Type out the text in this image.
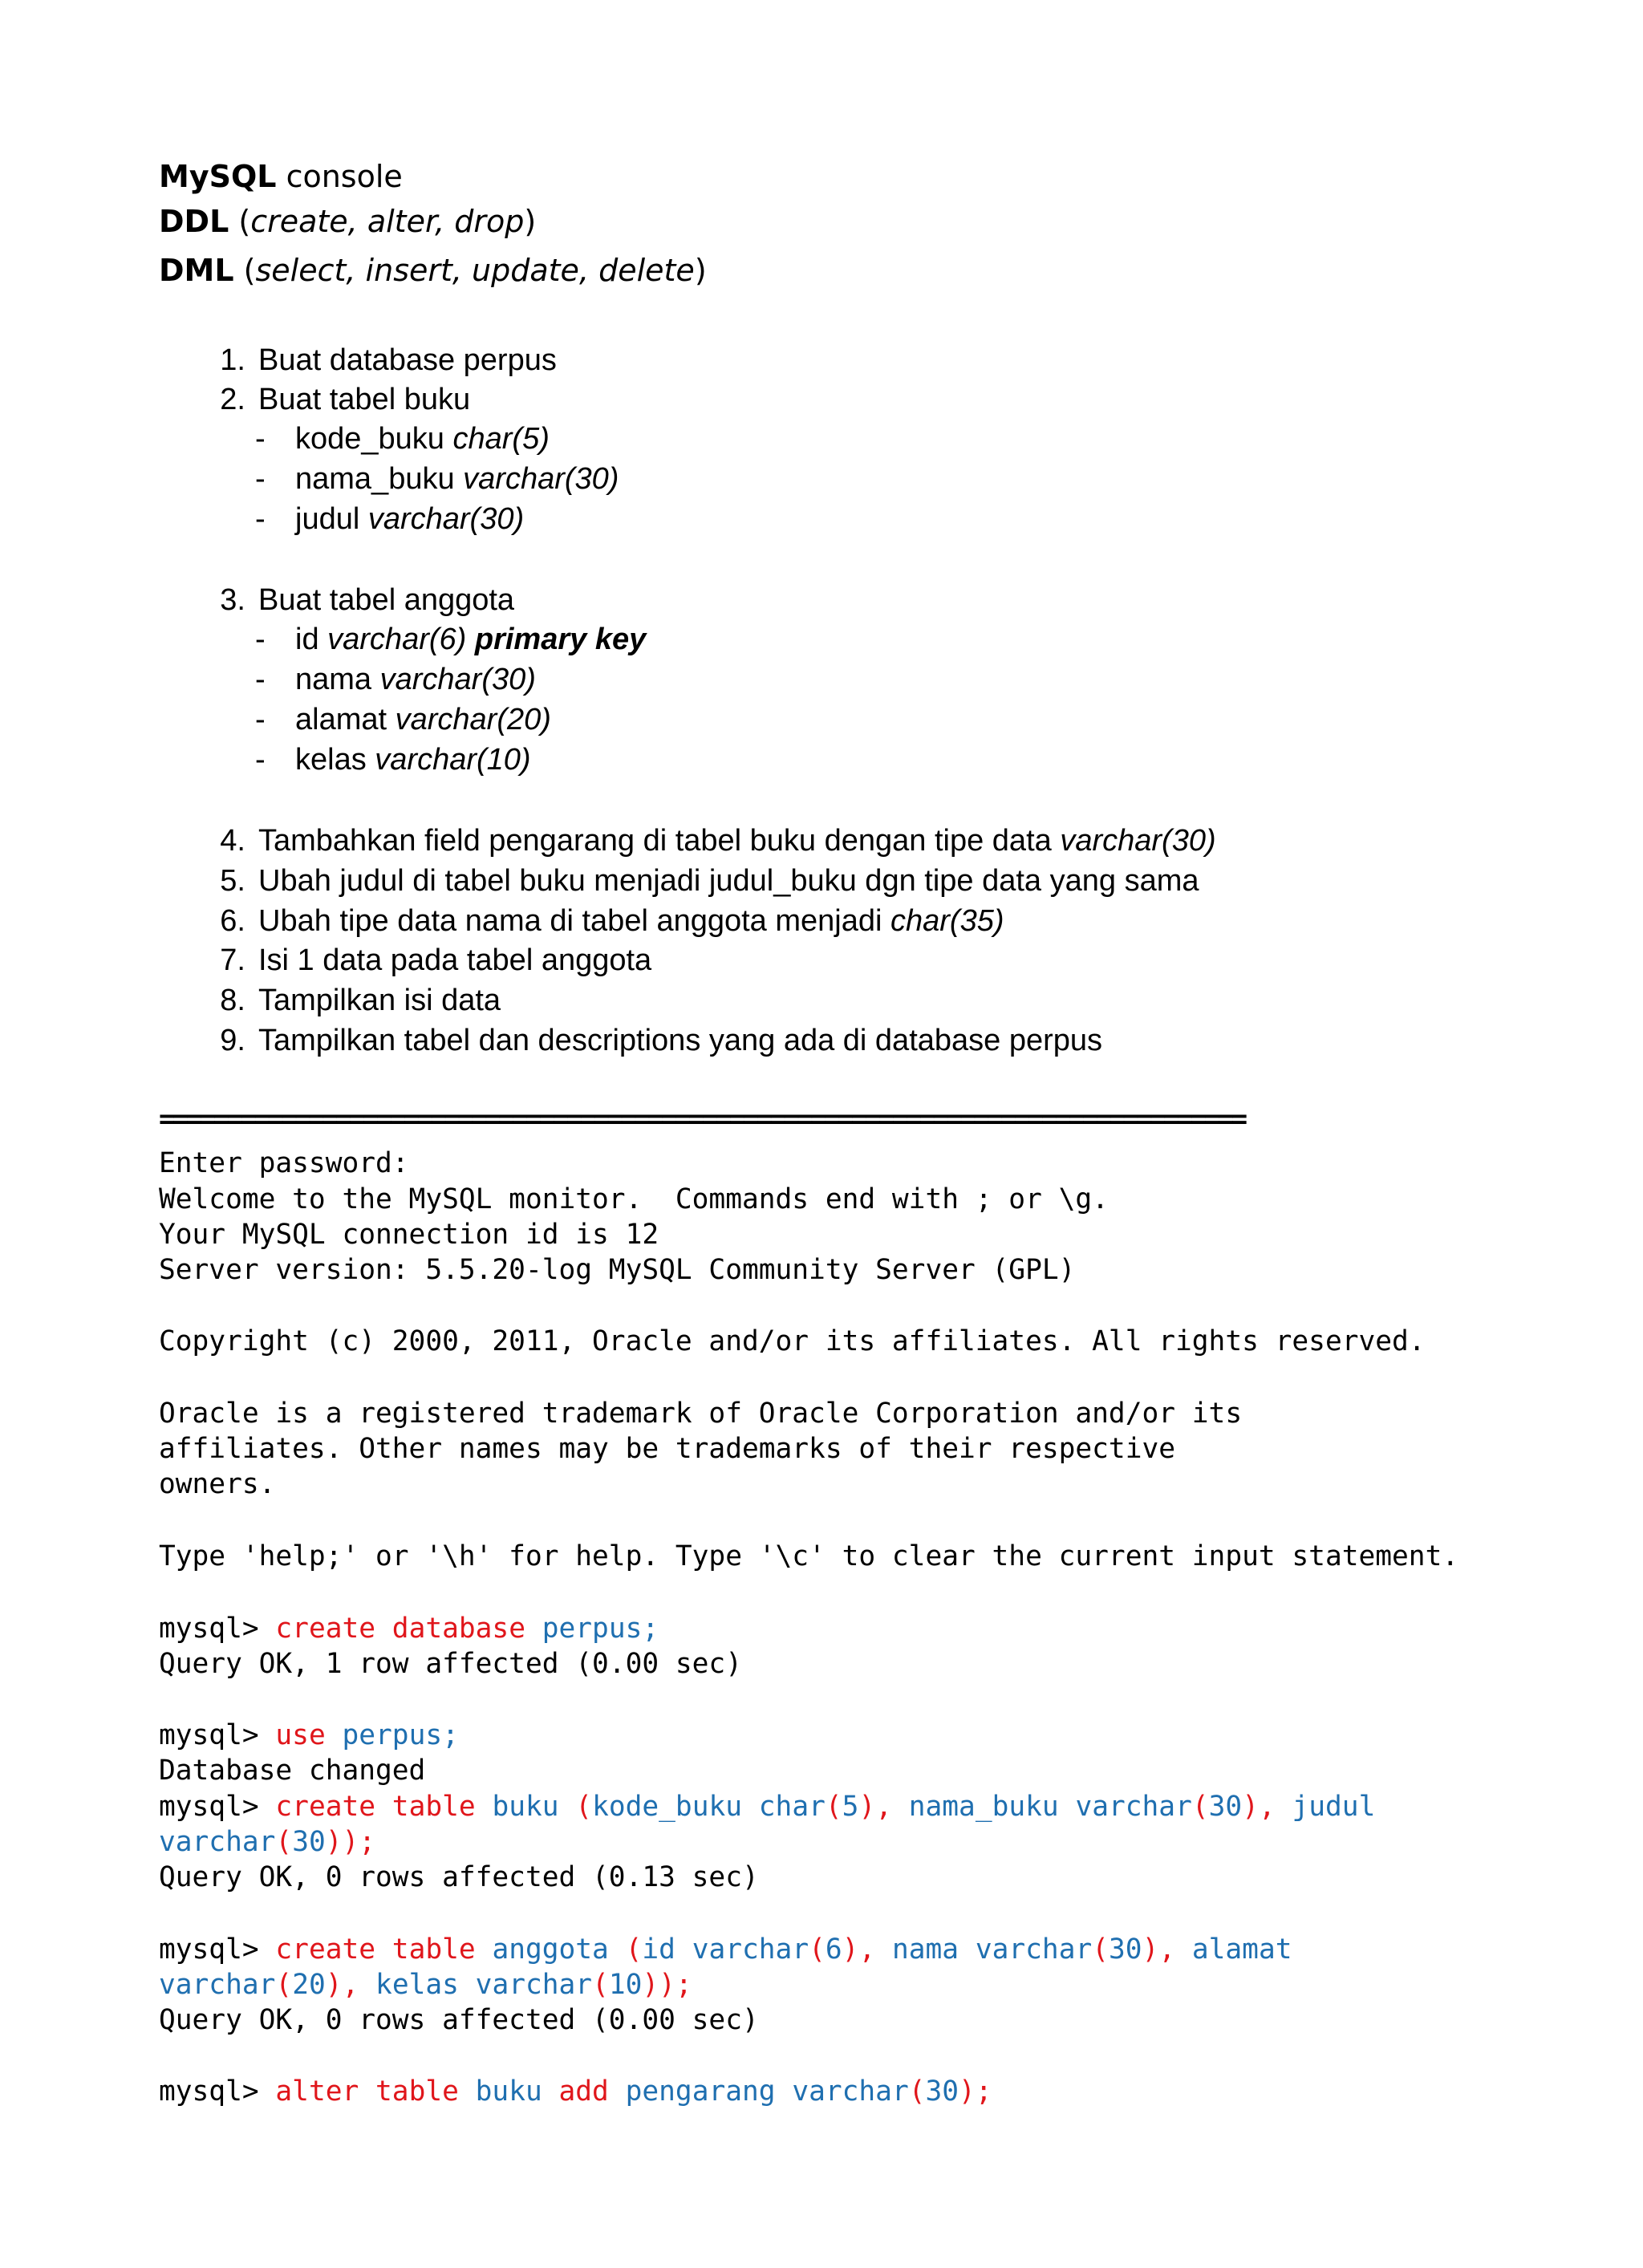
MySQL console
DDL (create, alter, drop)
DML (select, insert, update, delete)
1. Buat database perpus
2. Buat tabel buku
- kode_buku char(5)
- nama_buku varchar(30)
- judul varchar(30)
3. Buat tabel anggota
- id varchar(6) primary key
- nama varchar(30)
- alamat varchar(20)
- kelas varchar(10)
4. Tambahkan field pengarang di tabel buku dengan tipe data varchar(30)
5. Ubah judul di tabel buku menjadi judul_buku dgn tipe data yang sama
6. Ubah tipe data nama di tabel anggota menjadi char(35)
7. Isi 1 data pada tabel anggota
8. Tampilkan isi data
9. Tampilkan tabel dan descriptions yang ada di database perpus
================================================================================
Enter password:
Welcome to the MySQL monitor.  Commands end with ; or \g.
Your MySQL connection id is 12
Server version: 5.5.20-log MySQL Community Server (GPL)
Copyright (c) 2000, 2011, Oracle and/or its affiliates. All rights reserved.
Oracle is a registered trademark of Oracle Corporation and/or its
affiliates. Other names may be trademarks of their respective
owners.
Type 'help;' or '\h' for help. Type '\c' to clear the current input statement.
mysql> create database perpus;
Query OK, 1 row affected (0.00 sec)
mysql> use perpus;
Database changed
mysql> create table buku (kode_buku char(5), nama_buku varchar(30), judul
varchar(30));
Query OK, 0 rows affected (0.13 sec)
mysql> create table anggota (id varchar(6), nama varchar(30), alamat
varchar(20), kelas varchar(10));
Query OK, 0 rows affected (0.00 sec)
mysql> alter table buku add pengarang varchar(30);
